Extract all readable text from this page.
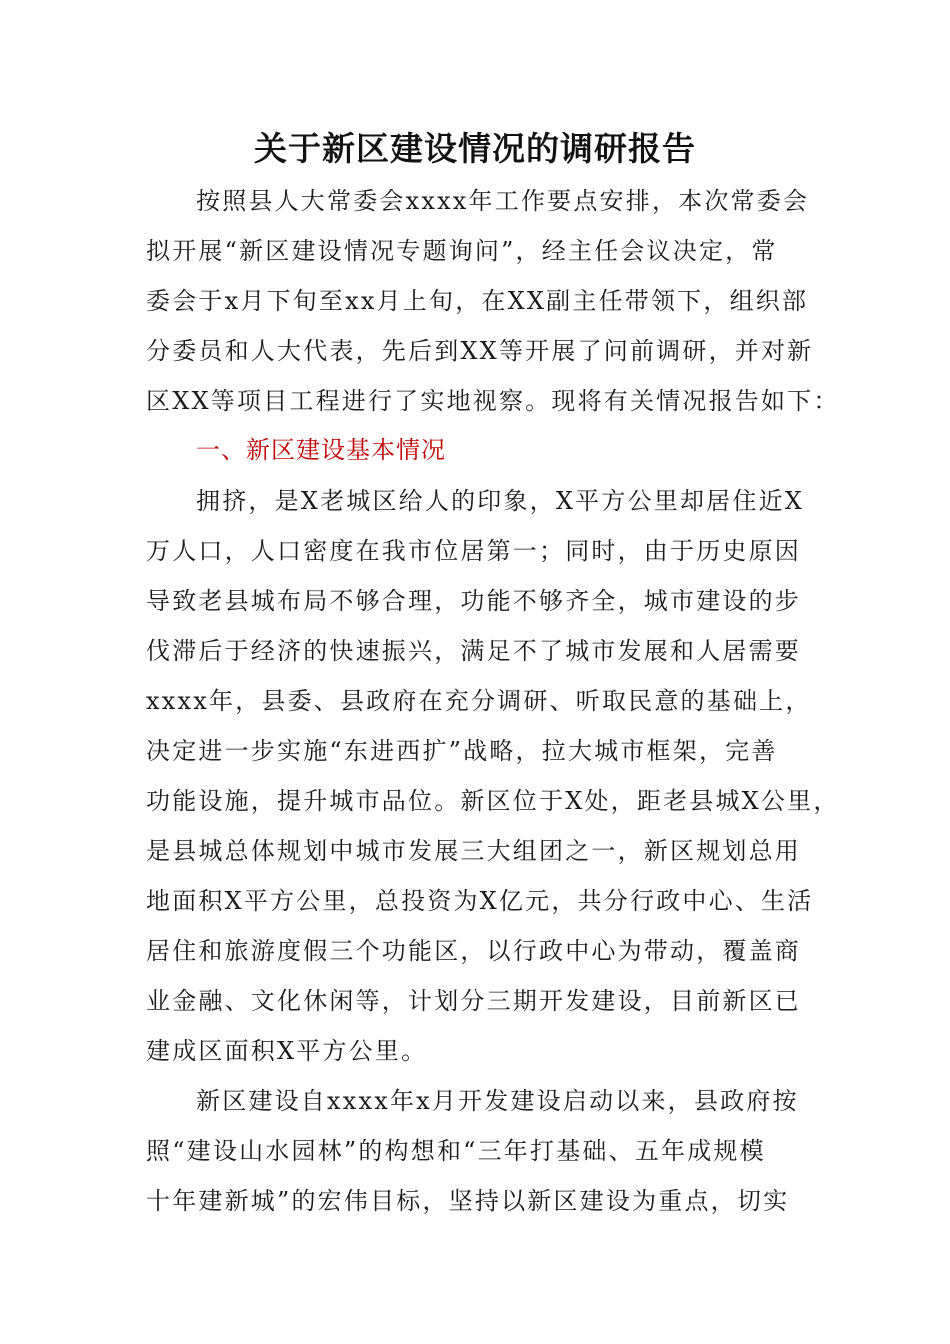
关于新区建设情况的调研报告
按照县人大常委会xxxx年工作要点安排，本次常委会
拟开展“新区建设情况专题询问”，经主任会议决定，常
委会于x月下旬至xx月上旬，在XX副主任带领下，组织部
分委员和人大代表，先后到XX等开展了问前调研，并对新
区XX等项目工程进行了实地视察。现将有关情况报告如下：
一、新区建设基本情况
拥挤，是X老城区给人的印象，X平方公里却居住近X
万人口，人口密度在我市位居第一；同时，由于历史原因
导致老县城布局不够合理，功能不够齐全，城市建设的步
伐滞后于经济的快速振兴，满足不了城市发展和人居需要
xxxx年，县委、县政府在充分调研、听取民意的基础上，
决定进一步实施“东进西扩”战略，拉大城市框架，完善
功能设施，提升城市品位。新区位于X处，距老县城X公里，
是县城总体规划中城市发展三大组团之一，新区规划总用
地面积X平方公里，总投资为X亿元，共分行政中心、生活
居住和旅游度假三个功能区，以行政中心为带动，覆盖商
业金融、文化休闲等，计划分三期开发建设，目前新区已
建成区面积X平方公里。
新区建设自xxxx年x月开发建设启动以来，县政府按
照“建设山水园林”的构想和“三年打基础、五年成规模
十年建新城”的宏伟目标，坚持以新区建设为重点，切实
